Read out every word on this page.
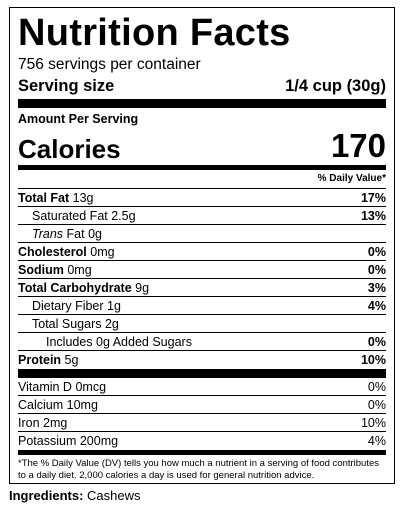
Nutrition Facts
756 servings per container
Serving size	1/4 cup (30g)
Amount Per Serving
Calories	170
% Daily Value*
Total Fat 13g	17%
Saturated Fat 2.5g	13%
Trans Fat 0g
Cholesterol 0mg	0%
Sodium 0mg	0%
Total Carbohydrate 9g	3%
Dietary Fiber 1g	4%
Total Sugars 2g
Includes 0g Added Sugars	0%
Protein 5g	10%
Vitamin D 0mcg	0%
Calcium 10mg	0%
Iron 2mg	10%
Potassium 200mg	4%
*The % Daily Value (DV) tells you how much a nutrient in a serving of food contributes to a daily diet. 2,000 calories a day is used for general nutrition advice.
Ingredients: Cashews
